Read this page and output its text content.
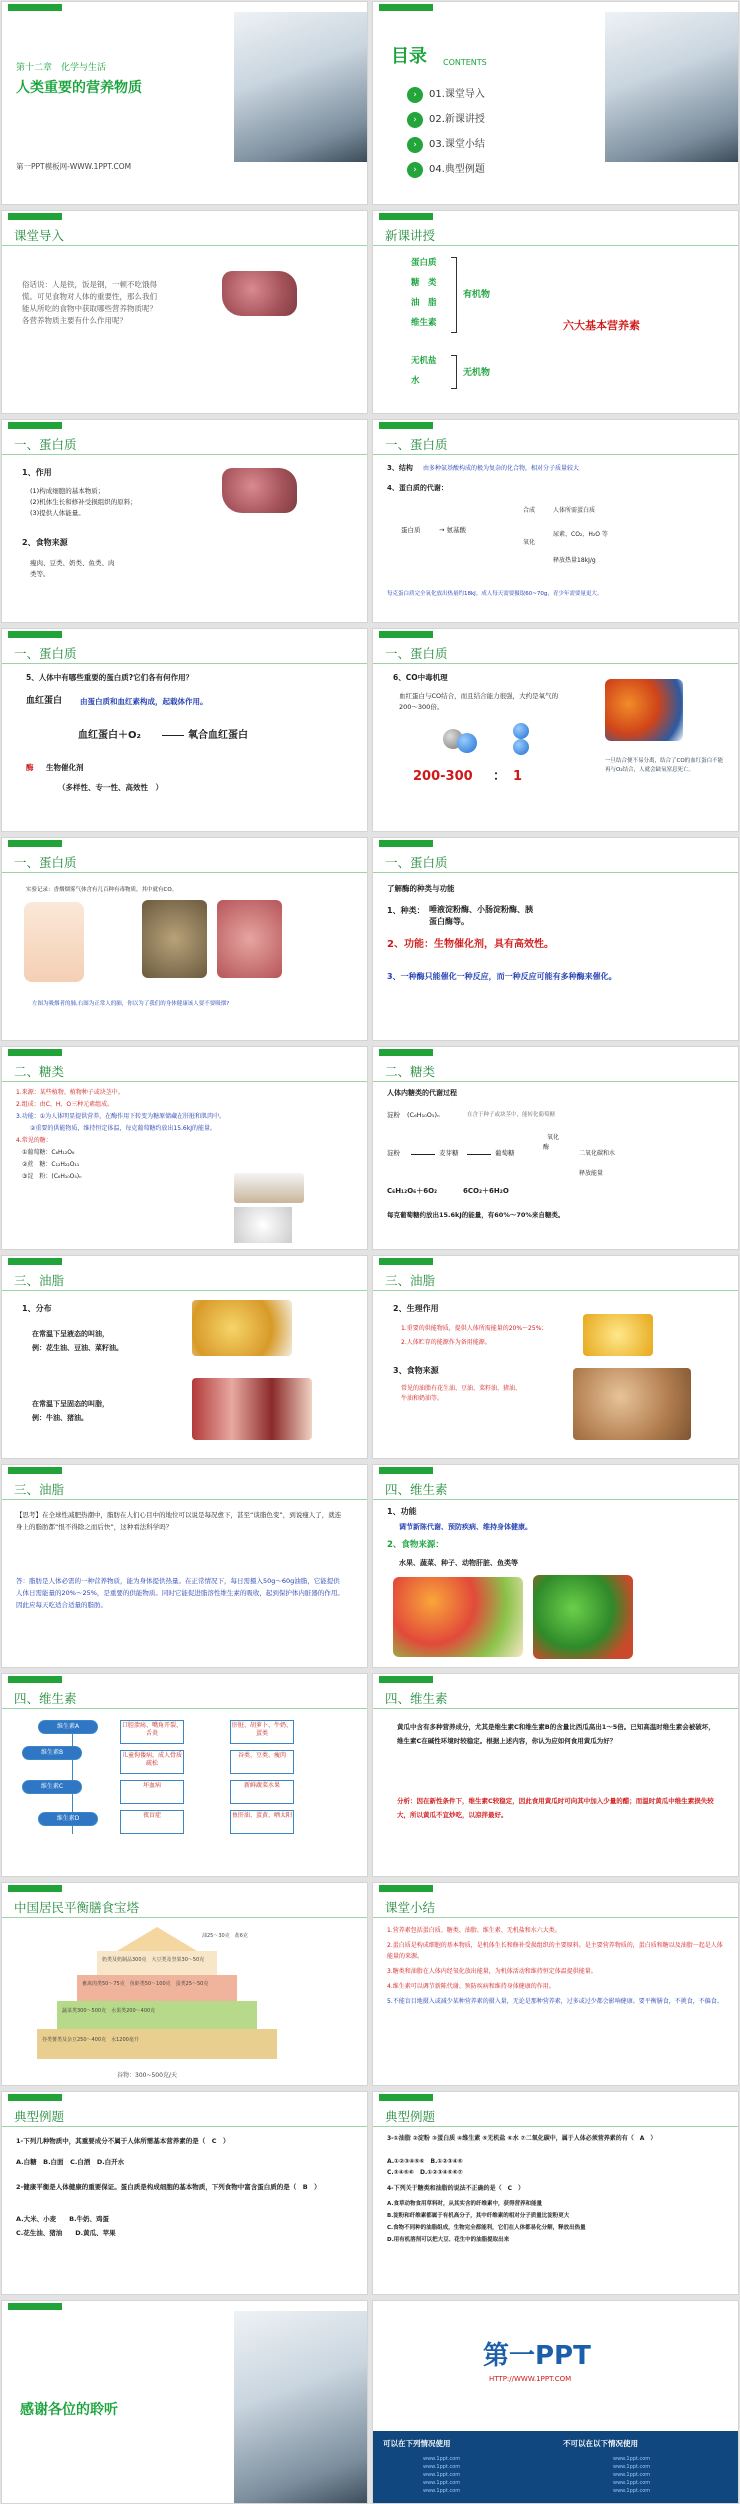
第十二章　化学与生活
人类重要的营养物质
第一PPT模板网-WWW.1PPT.COM
目录 CONTENTS
›	01.课堂导入
›	02.新课讲授
›	03.课堂小结
›	04.典型例题
课堂导入
俗话说：人是铁，饭是钢，一顿不吃饿得慌。可见食物对人体的重要性，那么我们能从所吃的食物中获取哪些营养物质呢？各营养物质主要有什么作用呢？
新课讲授
蛋白质
糖　类
油　脂
维生素
有机物
无机盐
水
无机物
六大基本营养素
一、蛋白质
1、作用
(1)构成细胞的基本物质；
(2)机体生长和修补受损组织的原料；
(3)提供人体能量。
2、食物来源
瘦肉、豆类、奶类、鱼类、肉类等。
一、蛋白质
3、结构 由多种氨基酸构成的极为复杂的化合物，相对分子质量较大
4、蛋白质的代谢：
蛋白质	→ 氨基酸
合成	人体所需蛋白质
氧化
尿素、CO₂、H₂O 等
释放热量18kJ/g
每克蛋白质完全氧化放出热量约18kJ。成人每天需要摄取60~70g，青少年需要量更大。
一、蛋白质
5、人体中有哪些重要的蛋白质?它们各有何作用？
血红蛋白 由蛋白质和血红素构成，起载体作用。
血红蛋白＋O₂	氧合血红蛋白
酶 生物催化剂
（多样性、专一性、高效性　）
一、蛋白质
6、CO中毒机理
血红蛋白与CO结合，而且结合能力很强，大约是氧气的200～300倍。
200-300 ： 1
一旦结合便不易分离，结合了CO的血红蛋白不能再与O₂结合，人就会缺氧窒息死亡。
一、蛋白质
实验记录：香烟烟雾气体含有几百种有毒物质，其中就有CO。
左图为吸烟者的肺,右图为正常人的肺，你以为了我们的身体健康该人要不要吸烟?
一、蛋白质
了解酶的种类与功能
1、种类： 唾液淀粉酶、小肠淀粉酶、胰蛋白酶等。
2、功能：生物催化剂，具有高效性。
3、一种酶只能催化一种反应，而一种反应可能有多种酶来催化。
二、糖类
1.来源：某些植物、植物种子或块茎中。
2.组成：由C、H、O三种元素组成。
3.功能：①为人体明显提供营养，在酶作用下转变为糖原储藏在肝脏和肌肉中。
②重要的供能物质，维持恒定体温，每克葡萄糖约放出15.6kJ的能量。
4.常见的糖：
①葡萄糖：C₆H₁₂O₆
②蔗　糖：C₁₂H₂₂O₁₁
③淀　粉：(C₆H₁₀O₅)ₙ
二、糖类
人体内糖类的代谢过程
淀粉 (C₆H₁₀O₅)ₙ	在含于种子或块茎中，能转化葡萄糖
淀粉	麦芽糖	葡萄糖
酶
氧化
二氧化碳和水
释放能量
C₆H₁₂O₆＋6O₂	6CO₂＋6H₂O
每克葡萄糖约放出15.6kJ的能量，有60%～70%来自糖类。
三、油脂
1、分布
在常温下呈液态的叫油，
例：花生油、豆油、菜籽油。
在常温下呈固态的叫脂，
例：牛油、猪油。
三、油脂
2、生理作用
1.重要的供能物质，提供人体所需能量的20%～25%；
2.人体贮存的能源作为备用能源。
3、食物来源
常见的油脂有花生油、豆油、菜籽油、猪油、牛油和奶油等。
三、油脂
【思考】在全球性减肥热潮中，脂肪在人们心目中的地位可以说是每况愈下，甚至“谈脂色变”，到说瘦人了，就连身上的脂肪都“恨不得除之而后快”，这种看法科学吗？
答：脂肪是人体必需的一种营养物质，能为身体提供热量。在正常情况下，每日需摄入50g～60g油脂，它能提供人体日需能量的20%～25%，是重要的供能物质。同时它能促进脂溶性维生素的吸收，起到保护体内脏器的作用。因此应每天吃适合适量的脂肪。
四、维生素
1、功能
调节新陈代谢、预防疾病、维持身体健康。
2、食物来源：
水果、蔬菜、种子、动物肝脏、鱼类等
四、维生素
维生素A
维生素B
维生素C
维生素D
口腔溃疡、嘴角开裂、舌炎
儿童佝偻病，成人骨质疏松
坏血病
夜盲症
肝脏、胡萝卜、牛奶、蛋类
谷类、豆类、瘦肉
新鲜蔬菜水果
鱼肝油、蛋黄、晒太阳
四、维生素
黄瓜中含有多种营养成分，尤其是维生素C和维生素B的含量比西瓜高出1～5倍。已知高温时维生素会被破坏，维生素C在碱性环境时较稳定。根据上述内容，你认为应如何食用黄瓜为好？
分析：因在新性条件下，维生素C较稳定，因此食用黄瓜时可向其中加入少量的醋；而温时黄瓜中维生素损失较大，所以黄瓜不宜炒吃，以凉拌最好。
中国居民平衡膳食宝塔
油25～30克　盐6克
奶类及奶制品300克　大豆类及坚果30～50克
畜禽肉类50～75克　鱼虾类50～100克　蛋类25～50克
蔬菜类300～500克　水果类200～400克
谷类薯类及杂豆250～400克　水1200毫升
谷物：300~500克/天
课堂小结
1.营养素包括蛋白质、糖类、油脂、维生素、无机盐和水六大类。
2.蛋白质是构成细胞的基本物质，是机体生长和修补受损组织的主要原料。是主要营养物质的，蛋白质和糖以及油脂一起是人体能量的来源。
3.糖类和油脂在人体内经氧化放出能量，为机体活动和维持恒定体温提供能量。
4.维生素可以调节新陈代谢、预防疾病和维持身体健康的作用。
5.不能盲目地摄入或减少某种营养素的摄入量，无论是那种营养素，过多或过少都会影响健康。要平衡膳食，不挑食，不偏食。
典型例题
1-下列几种物质中，其重要成分不属于人体所需基本营养素的是（　C　）
A.白糖　 B.白面　 C.白酒　 D.白开水
2-健康平衡是人体健康的重要保证。蛋白质是构成细胞的基本物质，下列食物中富含蛋白质的是（　B　）
A.大米、小麦　　 B.牛奶、鸡蛋
C.花生油、猪油　　 D.黄瓜、苹果
典型例题
3-①油脂 ②淀粉 ③蛋白质 ④维生素 ⑤无机盐 ⑥水 ⑦二氧化碳中，属于人体必须营养素的有（　A　）
A.①②③④⑤⑥　 B.①②③④⑤
C.③④⑤⑥　 D.①②③④⑤⑥⑦
4-下列关于糖类和油脂的说法不正确的是（　C　）
A.食草动物食用草料时，从其实含的纤维素中，获得营养和能量
B.淀粉和纤维素都属于有机高分子，其中纤维素的相对分子质量比淀粉更大
C.食物不同种的油脂组成，生物完全都能利，它们在人体都易化分解，释放出热量
D.用有机溶剂可以把大豆、花生中的油脂提取出来
感谢各位的聆听
第一PPT
HTTP://WWW.1PPT.COM
可以在下列情况使用	不可以在以下情况使用
www.1ppt.com
www.1ppt.com
www.1ppt.com
www.1ppt.com
www.1ppt.com
www.1ppt.com
www.1ppt.com
www.1ppt.com
www.1ppt.com
www.1ppt.com
